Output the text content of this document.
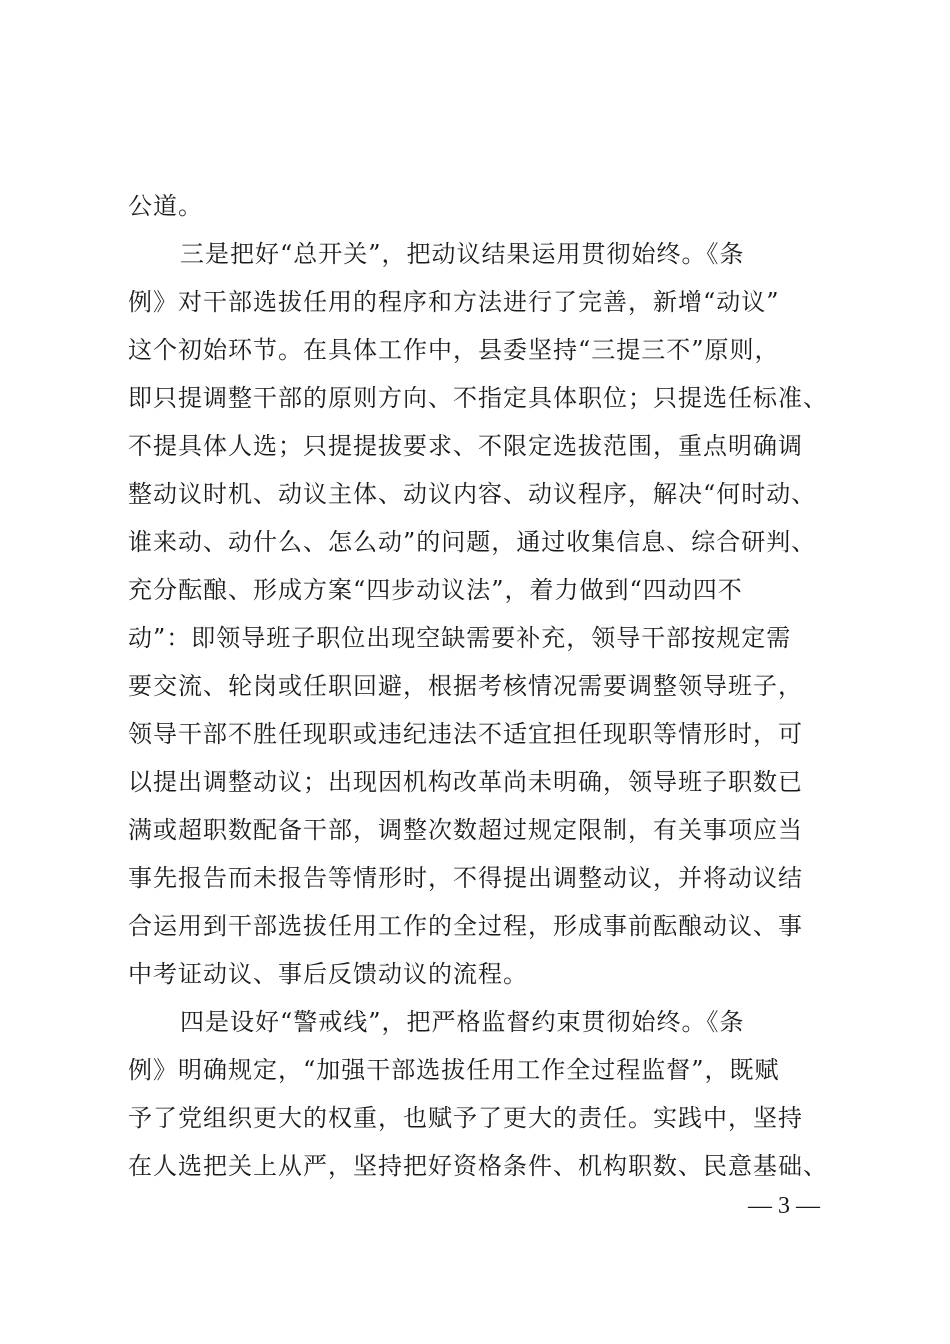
公道。
三是把好“总开关”，把动议结果运用贯彻始终。《条
例》对干部选拔任用的程序和方法进行了完善，新增“动议”
这个初始环节。在具体工作中，县委坚持“三提三不”原则，
即只提调整干部的原则方向、不指定具体职位；只提选任标准、
不提具体人选；只提提拔要求、不限定选拔范围，重点明确调
整动议时机、动议主体、动议内容、动议程序，解决“何时动、
谁来动、动什么、怎么动”的问题，通过收集信息、综合研判、
充分酝酿、形成方案“四步动议法”，着力做到“四动四不
动”：即领导班子职位出现空缺需要补充，领导干部按规定需
要交流、轮岗或任职回避，根据考核情况需要调整领导班子，
领导干部不胜任现职或违纪违法不适宜担任现职等情形时，可
以提出调整动议；出现因机构改革尚未明确，领导班子职数已
满或超职数配备干部，调整次数超过规定限制，有关事项应当
事先报告而未报告等情形时，不得提出调整动议，并将动议结
合运用到干部选拔任用工作的全过程，形成事前酝酿动议、事
中考证动议、事后反馈动议的流程。
四是设好“警戒线”，把严格监督约束贯彻始终。《条
例》明确规定，“加强干部选拔任用工作全过程监督”，既赋
予了党组织更大的权重，也赋予了更大的责任。实践中，坚持
在人选把关上从严，坚持把好资格条件、机构职数、民意基础、
— 3 —
